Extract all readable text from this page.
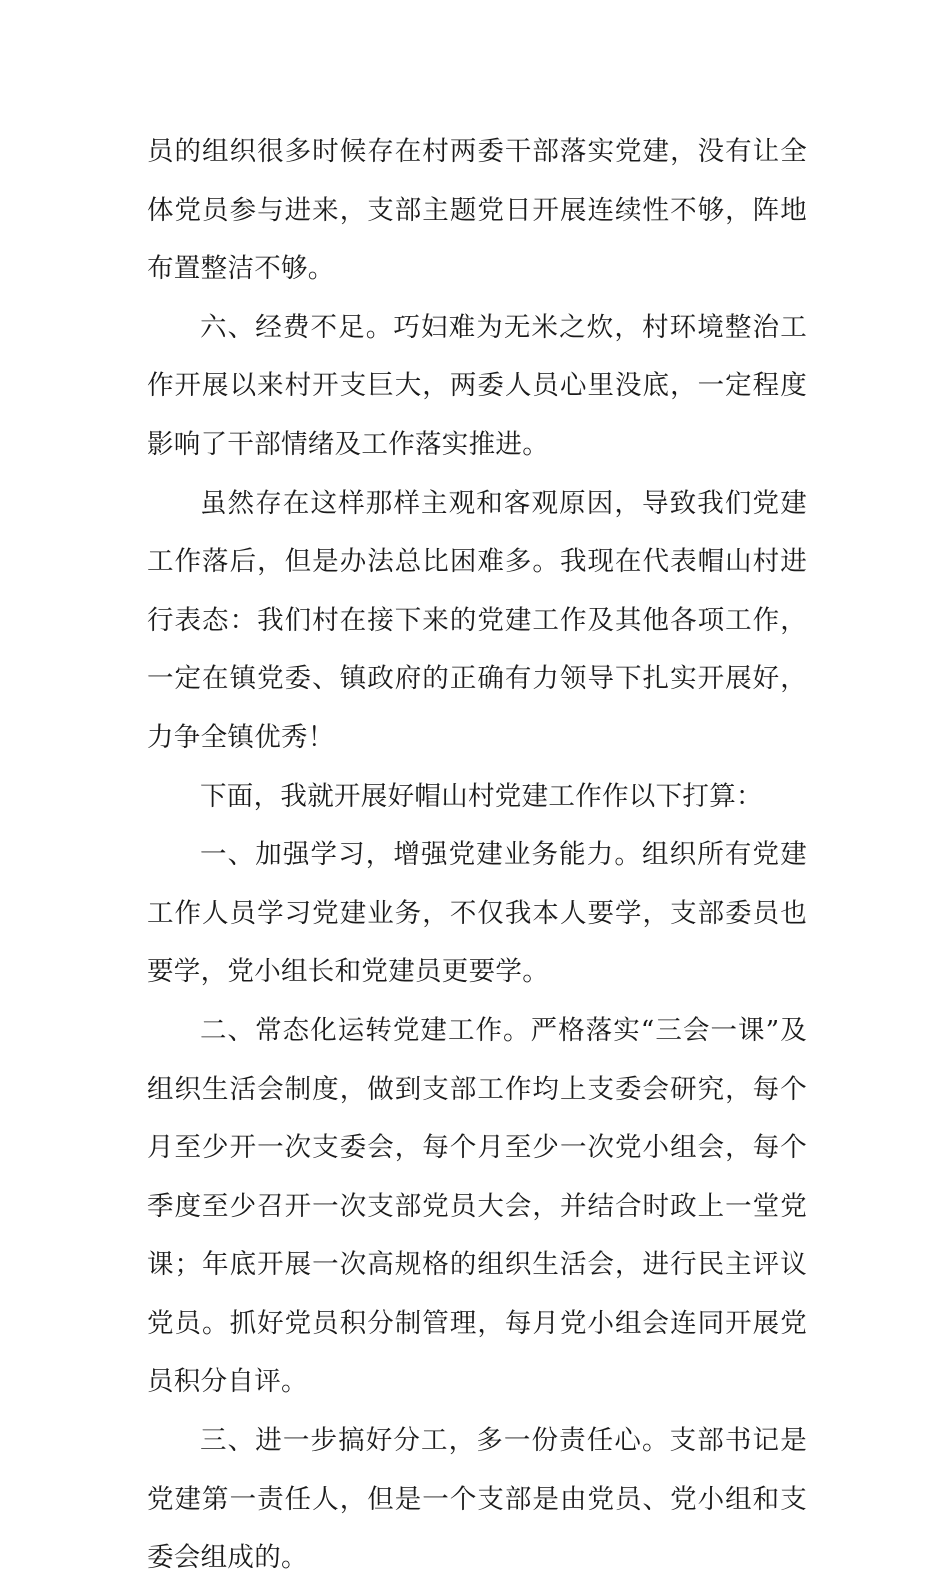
员的组织很多时候存在村两委干部落实党建，没有让全体党员参与进来，支部主题党日开展连续性不够，阵地布置整洁不够。

六、经费不足。巧妇难为无米之炊，村环境整治工作开展以来村开支巨大，两委人员心里没底，一定程度影响了干部情绪及工作落实推进。

虽然存在这样那样主观和客观原因，导致我们党建工作落后，但是办法总比困难多。我现在代表帽山村进行表态：我们村在接下来的党建工作及其他各项工作，一定在镇党委、镇政府的正确有力领导下扎实开展好，力争全镇优秀！

下面，我就开展好帽山村党建工作作以下打算：

一、加强学习，增强党建业务能力。组织所有党建工作人员学习党建业务，不仅我本人要学，支部委员也要学，党小组长和党建员更要学。

二、常态化运转党建工作。严格落实“三会一课”及组织生活会制度，做到支部工作均上支委会研究，每个月至少开一次支委会，每个月至少一次党小组会，每个季度至少召开一次支部党员大会，并结合时政上一堂党课；年底开展一次高规格的组织生活会，进行民主评议党员。抓好党员积分制管理，每月党小组会连同开展党员积分自评。

三、进一步搞好分工，多一份责任心。支部书记是党建第一责任人，但是一个支部是由党员、党小组和支委会组成的。
